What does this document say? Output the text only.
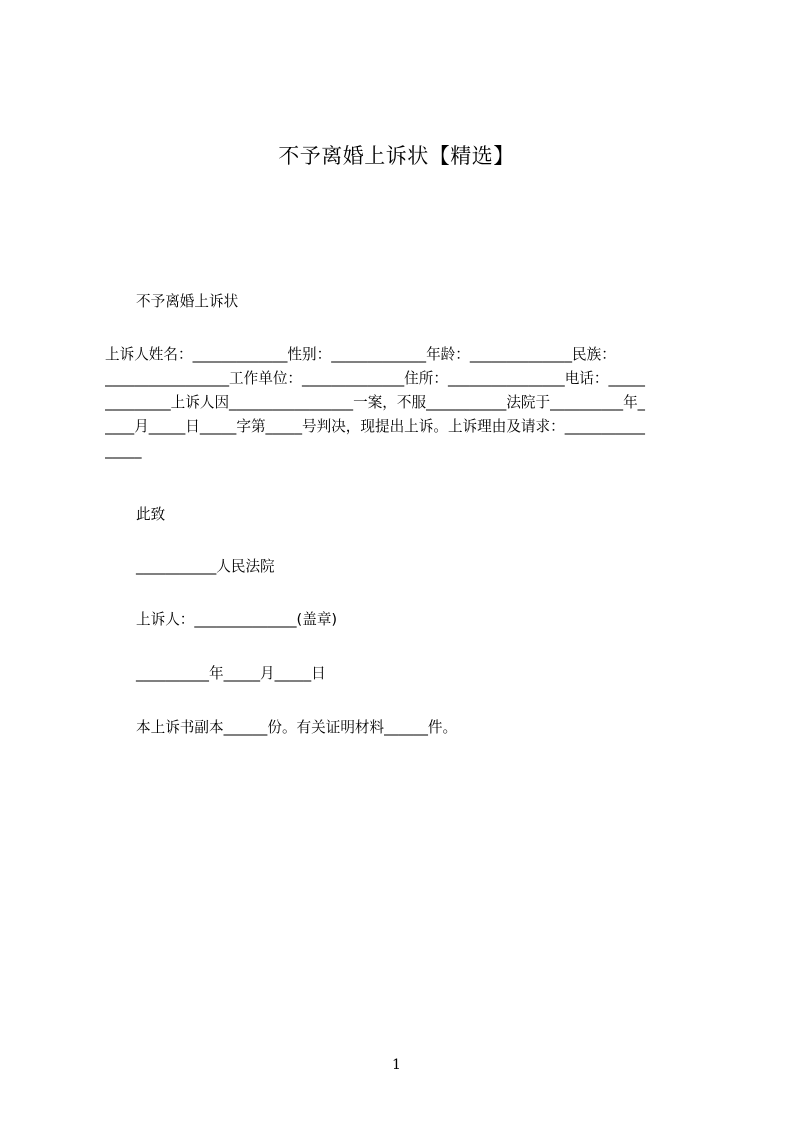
不予离婚上诉状【精选】
不予离婚上诉状
上诉人姓名：_____________性别：_____________年龄：______________民族：
_________________工作单位：______________住所：________________电话：_____
_________上诉人因_________________一案，不服___________法院于__________年_
____月_____日_____字第_____号判决，现提出上诉。上诉理由及请求：___________
_____
此致
___________人民法院
上诉人：______________(盖章)
__________年_____月_____日
本上诉书副本______份。有关证明材料______件。
1
